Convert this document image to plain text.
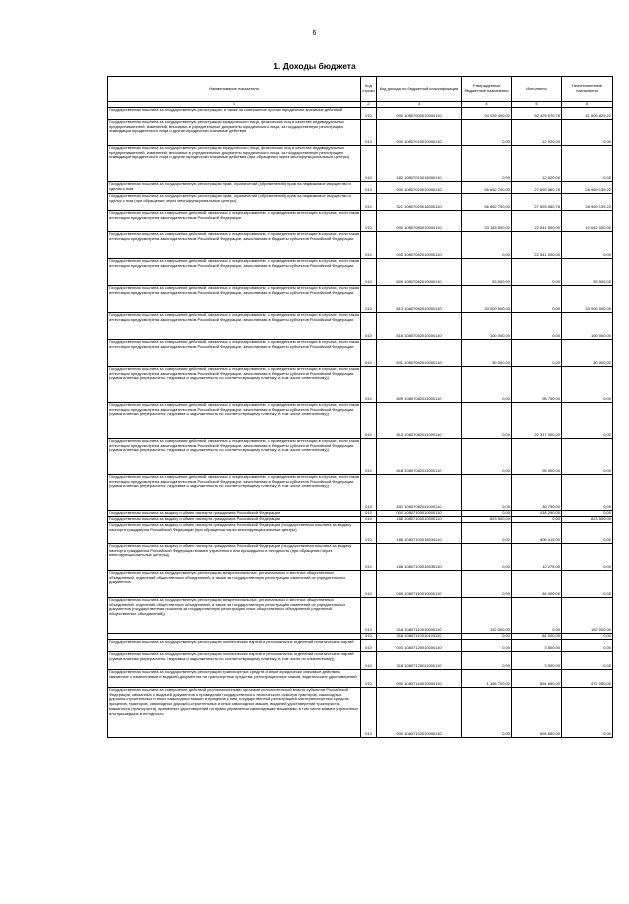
6
1. Доходы бюджета
Наименование показателя	Код строки	Код дохода по бюджетной классификации	Утвержденные бюджетные назначения	Исполнено	Неисполненные назначения
1	2	3	4	5	6
Государственная пошлина за государственную регистрацию, а также за совершение прочих юридически значимых действий	010	000 10807000010000110	94 039 400,00	52 429 570,78	41 609 829,22
Государственная пошлина за государственную регистрацию юридического лица, физических лиц в качестве индивидуальных предпринимателей, изменений, вносимых в учредительные документы юридического лица, за государственную регистрацию ликвидации юридического лица и другие юридически значимые действия	010	000 10807010010000110	0,00	12 520,00	0,00
Государственная пошлина за государственную регистрацию юридического лица, физических лиц в качестве индивидуальных предпринимателей, изменений, вносимых в учредительные документы юридического лица, за государственную регистрацию ликвидации юридического лица и другие юридически значимые действия (при обращении через многофункциональные центры)	010	182 10807010018000110	0,00	12 520,00	0,00
Государственная пошлина за государственную регистрацию прав, ограничений (обременений) прав на недвижимое имущество и сделок с ним	010	000 10807020010000110	56 662 700,00	27 693 560,78	28 969 139,22
Государственная пошлина за государственную регистрацию прав, ограничений (обременений) прав на недвижимое имущество и сделок с ним (при обращении через многофункциональные центры)	010	321 10807020018000110	56 662 700,00	27 693 560,78	28 969 139,22
Государственная пошлина за совершение действий, связанных с лицензированием, с проведением аттестации в случаях, если такая аттестация предусмотрена законодательством Российской Федерации	010	000 10807080010000110	33 183 500,00	22 541 500,00	10 642 000,00
Государственная пошлина за совершение действий, связанных с лицензированием, с проведением аттестации в случаях, если такая аттестация предусмотрена законодательством Российской Федерации, зачисляемая в бюджеты субъектов Российской Федерации	010	000 10807082010000110	0,00	22 541 500,00	0,00
Государственная пошлина за совершение действий, связанных с лицензированием, с проведением аттестации в случаях, если такая аттестация предусмотрена законодательством Российской Федерации, зачисляемая в бюджеты субъектов Российской Федерации	010	809 10807082010000110	53 500,00	0,00	53 500,00
Государственная пошлина за совершение действий, связанных с лицензированием, с проведением аттестации в случаях, если такая аттестация предусмотрена законодательством Российской Федерации, зачисляемая в бюджеты субъектов Российской Федерации	010	813 10807082010000110	33 000 000,00	0,00	33 000 000,00
Государственная пошлина за совершение действий, связанных с лицензированием, с проведением аттестации в случаях, если такая аттестация предусмотрена законодательством Российской Федерации, зачисляемая в бюджеты субъектов Российской Федерации	010	818 10807082010000110	100 000,00	0,00	100 000,00
Государственная пошлина за совершение действий, связанных с лицензированием, с проведением аттестации в случаях, если такая аттестация предусмотрена законодательством Российской Федерации, зачисляемая в бюджеты субъектов Российской Федерации	010	831 10807082010000110	30 000,00	0,00	30 000,00
Государственная пошлина за совершение действий, связанных с лицензированием, с проведением аттестации в случаях, если такая аттестация предусмотрена законодательством Российской Федерации, зачисляемая в бюджеты субъектов Российской Федерации (сумма платежа (перерасчеты, недоимка и задолженность по соответствующему платежу, в том числе отмененному))	010	809 10807082011000110	0,00	98 750,00	0,00
Государственная пошлина за совершение действий, связанных с лицензированием, с проведением аттестации в случаях, если такая аттестация предусмотрена законодательством Российской Федерации, зачисляемая в бюджеты субъектов Российской Федерации (сумма платежа (перерасчеты, недоимка и задолженность по соответствующему платежу, в том числе отмененному))	010	813 10807082011000110	0,00	22 317 000,00	0,00
Государственная пошлина за совершение действий, связанных с лицензированием, с проведением аттестации в случаях, если такая аттестация предусмотрена законодательством Российской Федерации, зачисляемая в бюджеты субъектов Российской Федерации (сумма платежа (перерасчеты, недоимка и задолженность по соответствующему платежу, в том числе отмененному))	010	818 10807082011000110	0,00	95 000,00	0,00
Государственная пошлина за совершение действий, связанных с лицензированием, с проведением аттестации в случаях, если такая аттестация предусмотрена законодательством Российской Федерации, зачисляемая в бюджеты субъектов Российской Федерации (сумма платежа (перерасчеты, недоимка и задолженность по соответствующему платежу, в том числе отмененному))	010	831 10807082011000110	0,00	30 750,00	0,00
Государственная пошлина за выдачу и обмен паспорта гражданина Российской Федерации	010	000 10807100010000110	0,00	418 290,00	0,00
Государственная пошлина за выдачу и обмен паспорта гражданина Российской Федерации	010	188 10807100010000110	823 500,00	0,00	823 500,00
Государственная пошлина за выдачу и обмен паспорта гражданина Российской Федерации (государственная пошлина за выдачу паспорта гражданина Российской Федерации (при обращении через многофункциональные центры)	010	188 10807100018034110	0,00	406 015,00	0,00
Государственная пошлина за выдачу и обмен паспорта гражданина Российской Федерации (государственная пошлина за выдачу паспорта гражданина Российской Федерации взамен утраченного или пришедшего в негодность (при обращении через многофункциональные центры))	010	188 10807100018035110	0,00	12 275,00	0,00
Государственная пошлина за государственную регистрацию межрегиональных, региональных и местных общественных объединений, отделений общественных объединений, а также за государственную регистрацию изменений их учредительных документов	010	000 10807110010000110	0,00	84 000,00	0,00
Государственная пошлина за государственную регистрацию межрегиональных, региональных и местных общественных объединений, отделений общественных объединений, а также за государственную регистрацию изменений их учредительных документов (государственная пошлина за государственную регистрацию иных общественных объединений (отделений общественных объединений))	010	318 10807110010000110	152 000,00	0,00	152 000,00
	010	318 10807110010103110	0,00	84 000,00	0,00
Государственная пошлина за государственную регистрацию политических партий и региональных отделений политических партий	010	000 10807120010000110	0,00	3 500,00	0,00
Государственная пошлина за государственную регистрацию политических партий и региональных отделений политических партий (сумма платежа (перерасчеты, недоимка и задолженность по соответствующему платежу, в том числе по отмененному))	010	318 10807120011000110	0,00	3 500,00	0,00
Государственная пошлина за государственную регистрацию транспортных средств и иные юридически значимые действия, связанные с изменениями и выдачей документов на транспортные средства, регистрационных знаков, водительских удостоверений	010	000 10807140010000110	1 166 700,00	694 650,00	472 050,00
Государственная пошлина за совершение действий уполномоченными органами исполнительной власти субъектов Российской Федерации, связанных с выдачей документов о проведении государственного технического осмотра тракторов, самоходных дорожно-строительных и иных самоходных машин и прицепов к ним, государственной регистрацией мототранспортных средств, прицепов, тракторов, самоходных дорожно-строительных и иных самоходных машин, выдачей удостоверений тракториста-машиниста (тракториста), временных удостоверений на право управления самоходными машинами, в том числе взамен утраченных или пришедших в негодность	010	000 10807142010000110	0,00	694 650,00	0,00
